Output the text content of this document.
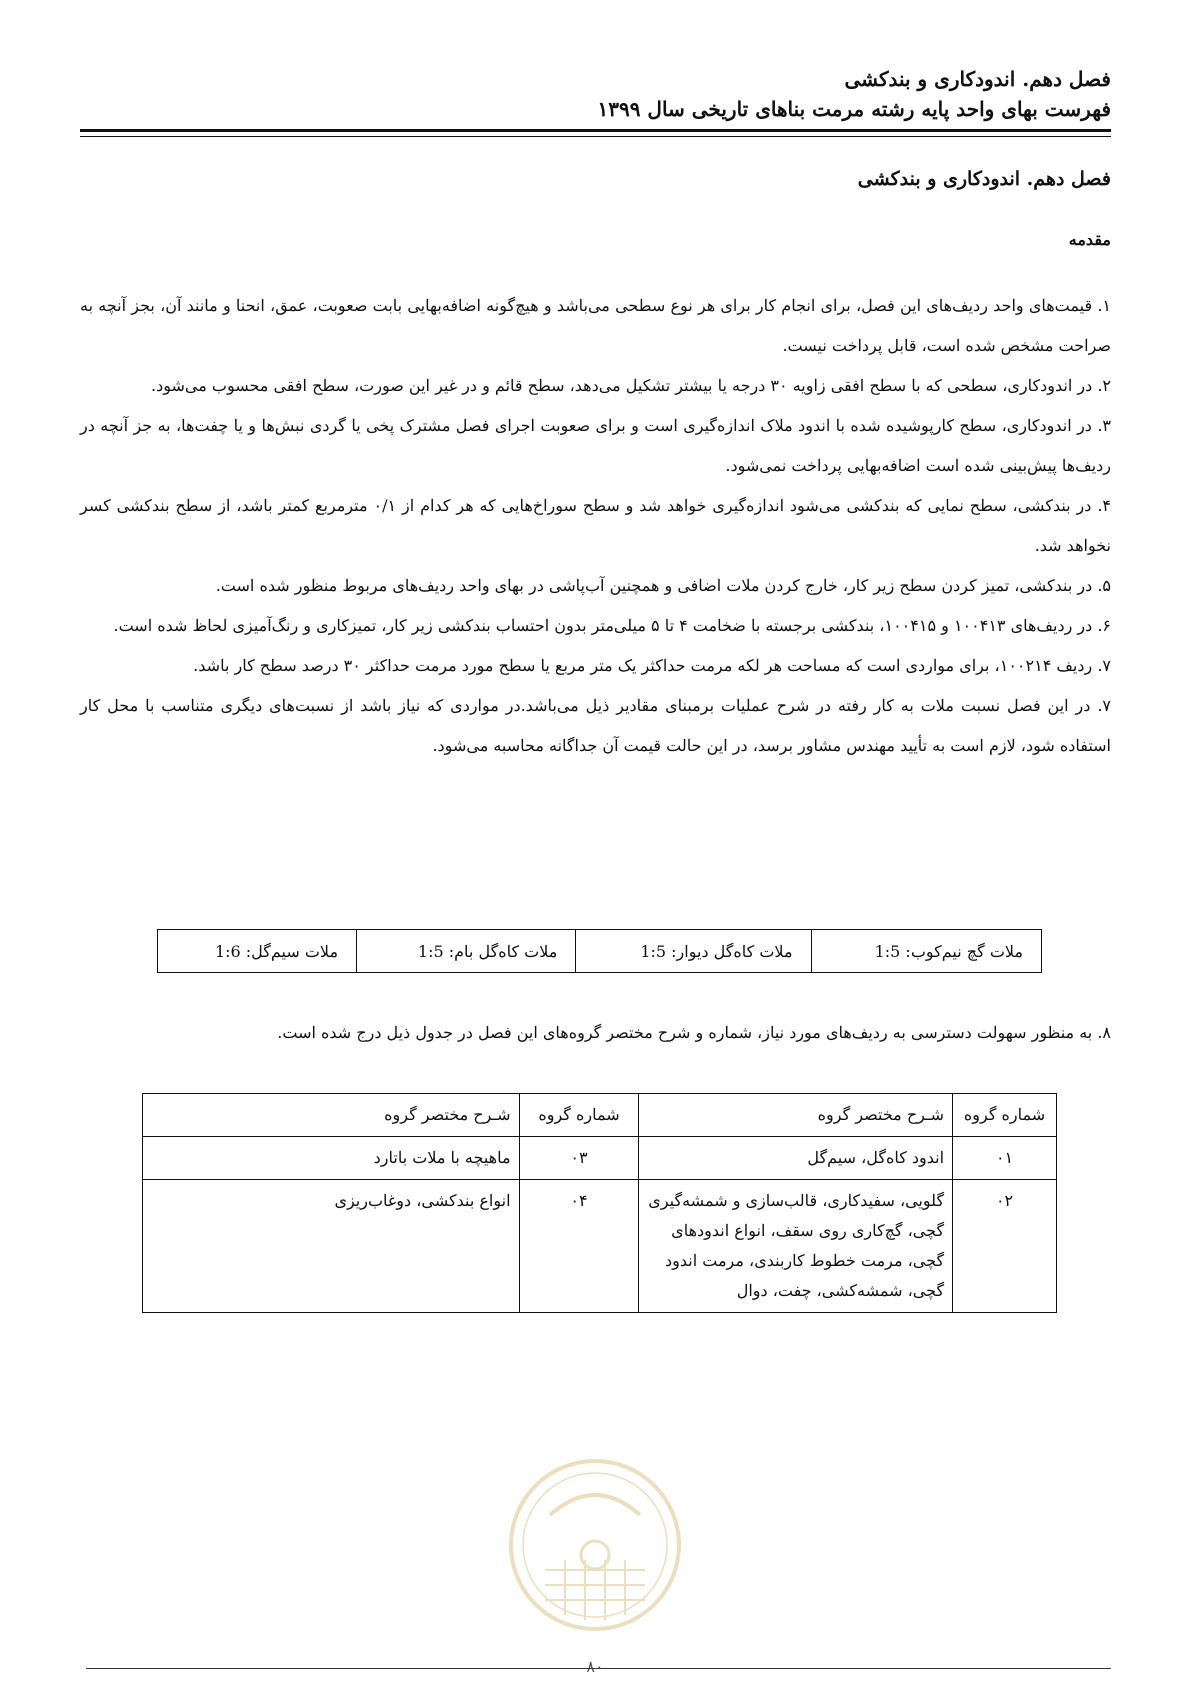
فصل دهم. اندودکاری و بندکشی
فهرست بهای واحد پایه رشته مرمت بناهای تاریخی سال ۱۳۹۹
فصل دهم. اندودکاری و بندکشی
مقدمه

۱. قیمت‌های واحد ردیف‌های این فصل، برای انجام کار برای هر نوع سطحی می‌باشد و هیچ‌گونه اضافه‌بهایی بابت صعوبت، عمق، انحنا و مانند آن، بجز آنچه به صراحت مشخص شده است، قابل پرداخت نیست.

۲. در اندودکاری، سطحی که با سطح افقی زاویه ۳۰ درجه یا بیشتر تشکیل می‌دهد، سطح قائم و در غیر این صورت، سطح افقی محسوب می‌شود.

۳. در اندودکاری، سطح کارپوشیده شده با اندود ملاک اندازه‌گیری است و برای صعوبت اجرای فصل مشترک پخی یا گردی نبش‌ها و یا چفت‌ها، به جز آنچه در ردیف‌ها پیش‌بینی شده است اضافه‌بهایی پرداخت نمی‌شود.

۴. در بندکشی، سطح نمایی که بندکشی می‌شود اندازه‌گیری خواهد شد و سطح سوراخ‌هایی که هر کدام از ۰/۱ مترمربع کمتر باشد، از سطح بندکشی کسر نخواهد شد.

۵. در بندکشی، تمیز کردن سطح زیر کار، خارج کردن ملات اضافی و همچنین آب‌پاشی در بهای واحد ردیف‌های مربوط منظور شده است.

۶. در ردیف‌های ۱۰۰۴۱۳ و ۱۰۰۴۱۵، بندکشی برجسته با ضخامت ۴ تا ۵ میلی‌متر بدون احتساب بندکشی زیر کار، تمیزکاری و رنگ‌آمیزی لحاظ شده است.

۷. ردیف ۱۰۰۲۱۴، برای مواردی است که مساحت هر لکه مرمت حداکثر یک متر مربع یا سطح مورد مرمت حداکثر ۳۰ درصد سطح کار باشد.

۷. در این فصل نسبت ملات به کار رفته در شرح عملیات برمبنای مقادیر ذیل می‌باشد.در مواردی که نیاز باشد از نسبت‌های دیگری متناسب با محل کار استفاده شود، لازم است به تأیید مهندس مشاور برسد، در این حالت قیمت آن جداگانه محاسبه می‌شود.

ملات گچ نیم‌کوب: 1:5	ملات کاه‌گل دیوار: 1:5	ملات کاه‌گل بام: 1:5	ملات سیم‌گل: 1:6
۸. به منظور سهولت دسترسی به ردیف‌های مورد نیاز، شماره و شرح مختصر گروه‌های این فصل در جدول ذیل درج شده است.
شماره گروه	شـرح مختصر گروه	شماره گروه	شـرح مختصر گروه
۰۱	اندود کاه‌گل، سیم‌گل	۰۳	ماهیچه با ملات باتارد
۰۲	گلویی، سفیدکاری، قالب‌سازی و شمشه‌گیری گچی، گچ‌کاری روی سقف، انواع اندودهای گچی، مرمت خطوط کاربندی، مرمت اندود گچی، شمشه‌کشی، چفت، دوال	۰۴	انواع بندکشی، دوغاب‌ریزی
۸۰
